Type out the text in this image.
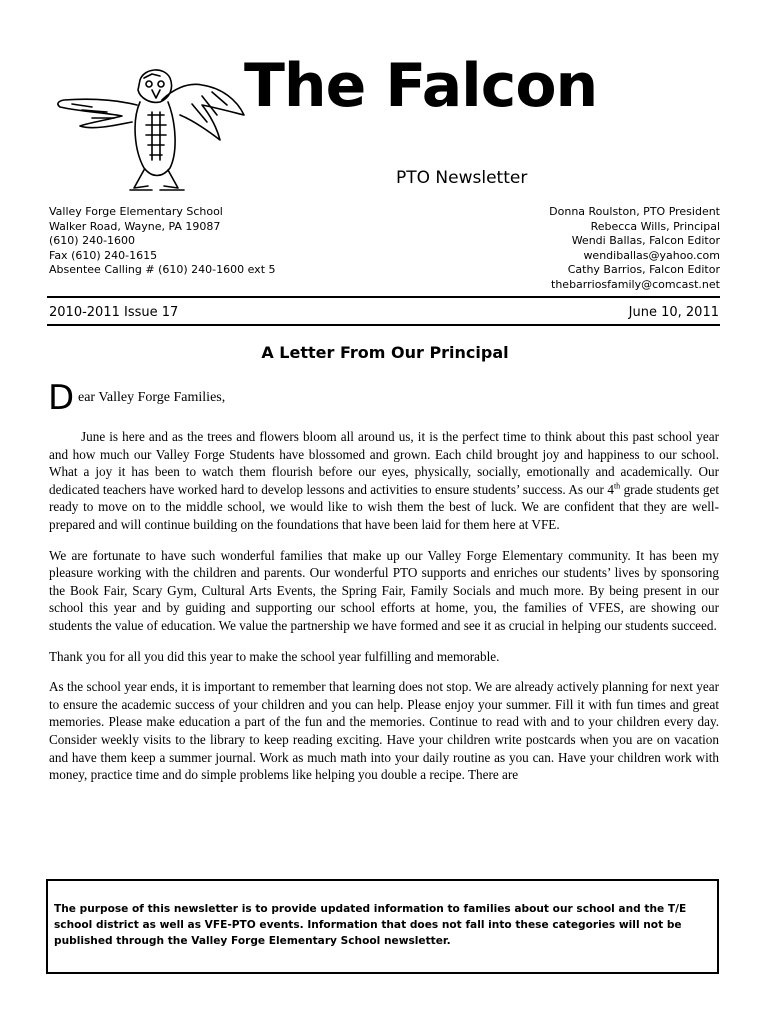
The Falcon
PTO Newsletter
Valley Forge Elementary School
Walker Road, Wayne, PA 19087
(610) 240-1600
Fax (610) 240-1615
Absentee Calling # (610) 240-1600 ext 5
Donna Roulston, PTO President
Rebecca Wills, Principal
Wendi Ballas, Falcon Editor
wendiballas@yahoo.com
Cathy Barrios, Falcon Editor
thebarriosfamily@comcast.net
2010-2011 Issue 17	June 10, 2011
A Letter From Our Principal
D ear Valley Forge Families,

June is here and as the trees and flowers bloom all around us, it is the perfect time to think about this past school year and how much our Valley Forge Students have blossomed and grown. Each child brought joy and happiness to our school. What a joy it has been to watch them flourish before our eyes, physically, socially, emotionally and academically. Our dedicated teachers have worked hard to develop lessons and activities to ensure students’ success. As our 4th grade students get ready to move on to the middle school, we would like to wish them the best of luck. We are confident that they are well-prepared and will continue building on the foundations that have been laid for them here at VFE.

We are fortunate to have such wonderful families that make up our Valley Forge Elementary community. It has been my pleasure working with the children and parents. Our wonderful PTO supports and enriches our students’ lives by sponsoring the Book Fair, Scary Gym, Cultural Arts Events, the Spring Fair, Family Socials and much more. By being present in our school this year and by guiding and supporting our school efforts at home, you, the families of VFES, are showing our students the value of education. We value the partnership we have formed and see it as crucial in helping our students succeed.

Thank you for all you did this year to make the school year fulfilling and memorable.

As the school year ends, it is important to remember that learning does not stop. We are already actively planning for next year to ensure the academic success of your children and you can help. Please enjoy your summer. Fill it with fun times and great memories. Please make education a part of the fun and the memories. Continue to read with and to your children every day. Consider weekly visits to the library to keep reading exciting. Have your children write postcards when you are on vacation and have them keep a summer journal. Work as much math into your daily routine as you can. Have your children work with money, practice time and do simple problems like helping you double a recipe. There are

The purpose of this newsletter is to provide updated information to families about our school and the T/E school district as well as VFE-PTO events. Information that does not fall into these categories will not be published through the Valley Forge Elementary School newsletter.
